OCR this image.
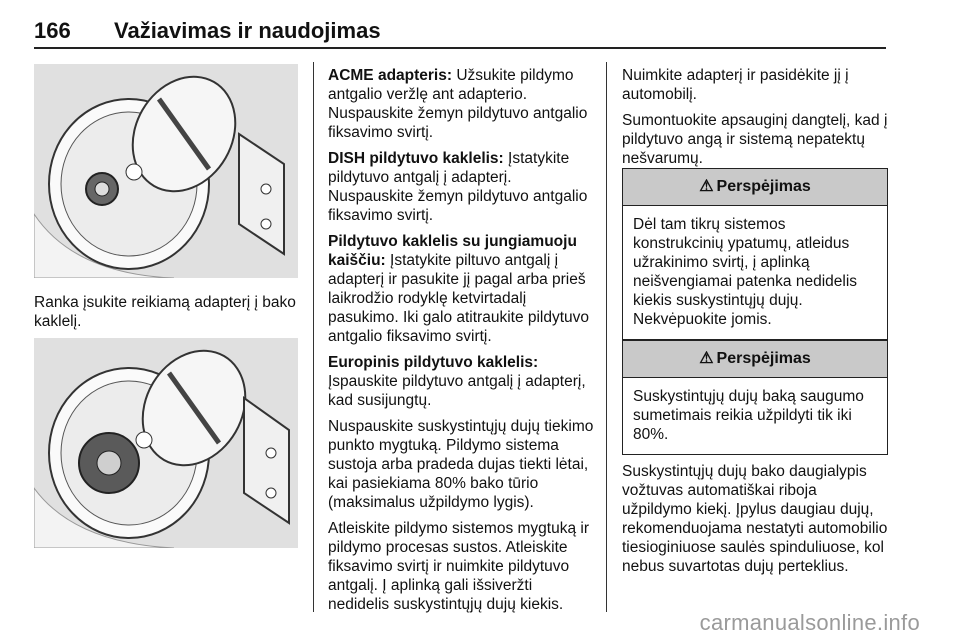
166 Važiavimas ir naudojimas
Ranka įsukite reikiamą adapterį į bako kaklelį.

ACME adapteris: Užsukite pildymo antgalio veržlę ant adapterio. Nuspauskite žemyn pildytuvo antgalio fiksavimo svirtį.

DISH pildytuvo kaklelis: Įstatykite pildytuvo antgalį į adapterį. Nuspauskite žemyn pildytuvo antgalio fiksavimo svirtį.

Pildytuvo kaklelis su jungiamuoju kaiščiu: Įstatykite piltuvo antgalį į adapterį ir pasukite jį pagal arba prieš laikrodžio rodyklę ketvirtadalį pasukimo. Iki galo atitraukite pildytuvo antgalio fiksavimo svirtį.

Europinis pildytuvo kaklelis: Įspauskite pildytuvo antgalį į adapterį, kad susijungtų.

Nuspauskite suskystintųjų dujų tiekimo punkto mygtuką. Pildymo sistema sustoja arba pradeda dujas tiekti lėtai, kai pasiekiama 80% bako tūrio (maksimalus užpildymo lygis).

Atleiskite pildymo sistemos mygtuką ir pildymo procesas sustos. Atleiskite fiksavimo svirtį ir nuimkite pildytuvo antgalį. Į aplinką gali išsiveržti nedidelis suskystintųjų dujų kiekis.

Nuimkite adapterį ir pasidėkite jį į automobilį.

Sumontuokite apsauginį dangtelį, kad į pildytuvo angą ir sistemą nepatektų nešvarumų.

⚠ Perspėjimas
Dėl tam tikrų sistemos konstrukcinių ypatumų, atleidus užrakinimo svirtį, į aplinką neišvengiamai patenka nedidelis kiekis suskystintųjų dujų. Nekvėpuokite jomis.
⚠ Perspėjimas
Suskystintųjų dujų baką saugumo sumetimais reikia užpildyti tik iki 80%.

Suskystintųjų dujų bako daugialypis vožtuvas automatiškai riboja užpildymo kiekį. Įpylus daugiau dujų, rekomenduojama nestatyti automobilio tiesioginiuose saulės spinduliuose, kol nebus suvartotas dujų perteklius.

carmanualsonline.info
